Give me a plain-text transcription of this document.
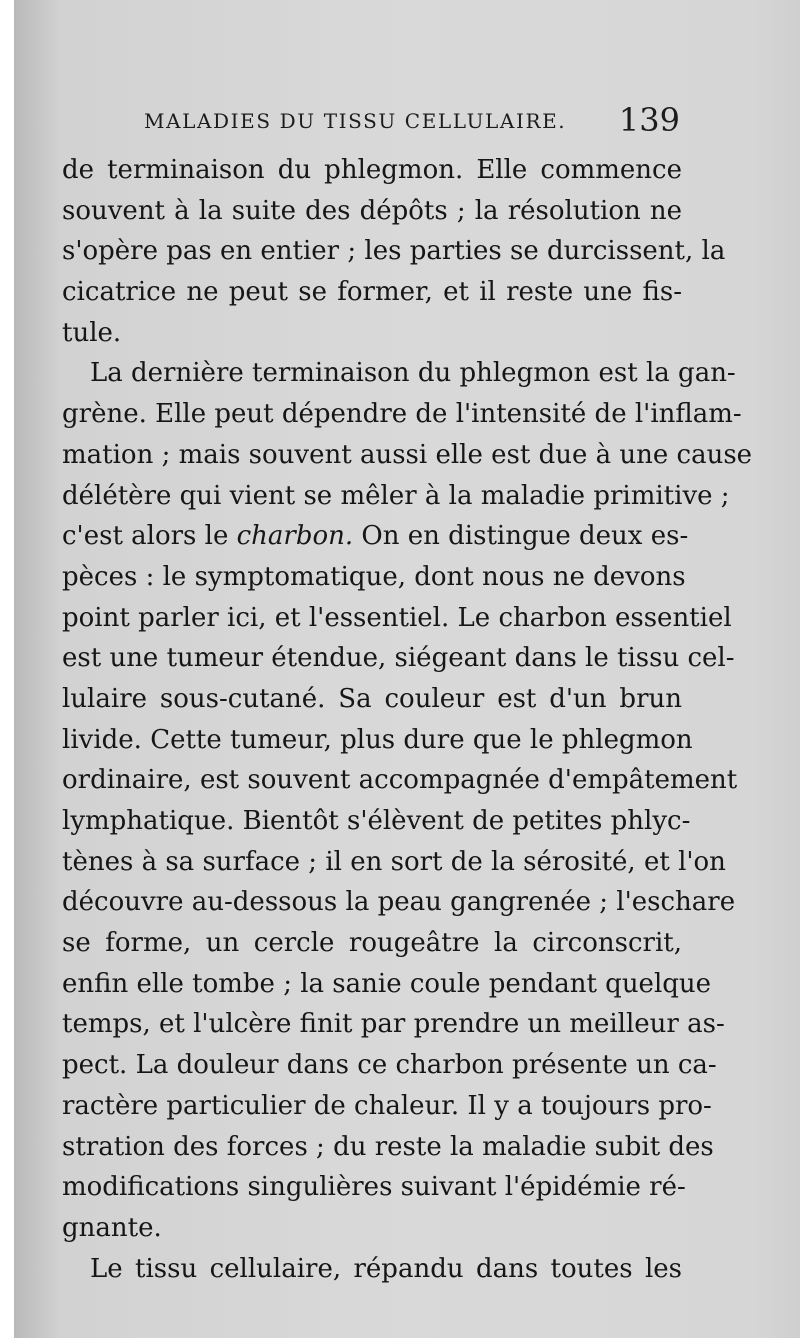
MALADIES DU TISSU CELLULAIRE. 139
de terminaison du phlegmon. Elle commence
souvent à la suite des dépôts ; la résolution ne
s'opère pas en entier ; les parties se durcissent, la
cicatrice ne peut se former, et il reste une fis-
tule.
La dernière terminaison du phlegmon est la gan-
grène. Elle peut dépendre de l'intensité de l'inflam-
mation ; mais souvent aussi elle est due à une cause
délétère qui vient se mêler à la maladie primitive ;
c'est alors le charbon. On en distingue deux es-
pèces : le symptomatique, dont nous ne devons
point parler ici, et l'essentiel. Le charbon essentiel
est une tumeur étendue, siégeant dans le tissu cel-
lulaire sous-cutané. Sa couleur est d'un brun
livide. Cette tumeur, plus dure que le phlegmon
ordinaire, est souvent accompagnée d'empâtement
lymphatique. Bientôt s'élèvent de petites phlyc-
tènes à sa surface ; il en sort de la sérosité, et l'on
découvre au-dessous la peau gangrenée ; l'eschare
se forme, un cercle rougeâtre la circonscrit,
enfin elle tombe ; la sanie coule pendant quelque
temps, et l'ulcère finit par prendre un meilleur as-
pect. La douleur dans ce charbon présente un ca-
ractère particulier de chaleur. Il y a toujours pro-
stration des forces ; du reste la maladie subit des
modifications singulières suivant l'épidémie ré-
gnante.
Le tissu cellulaire, répandu dans toutes les
